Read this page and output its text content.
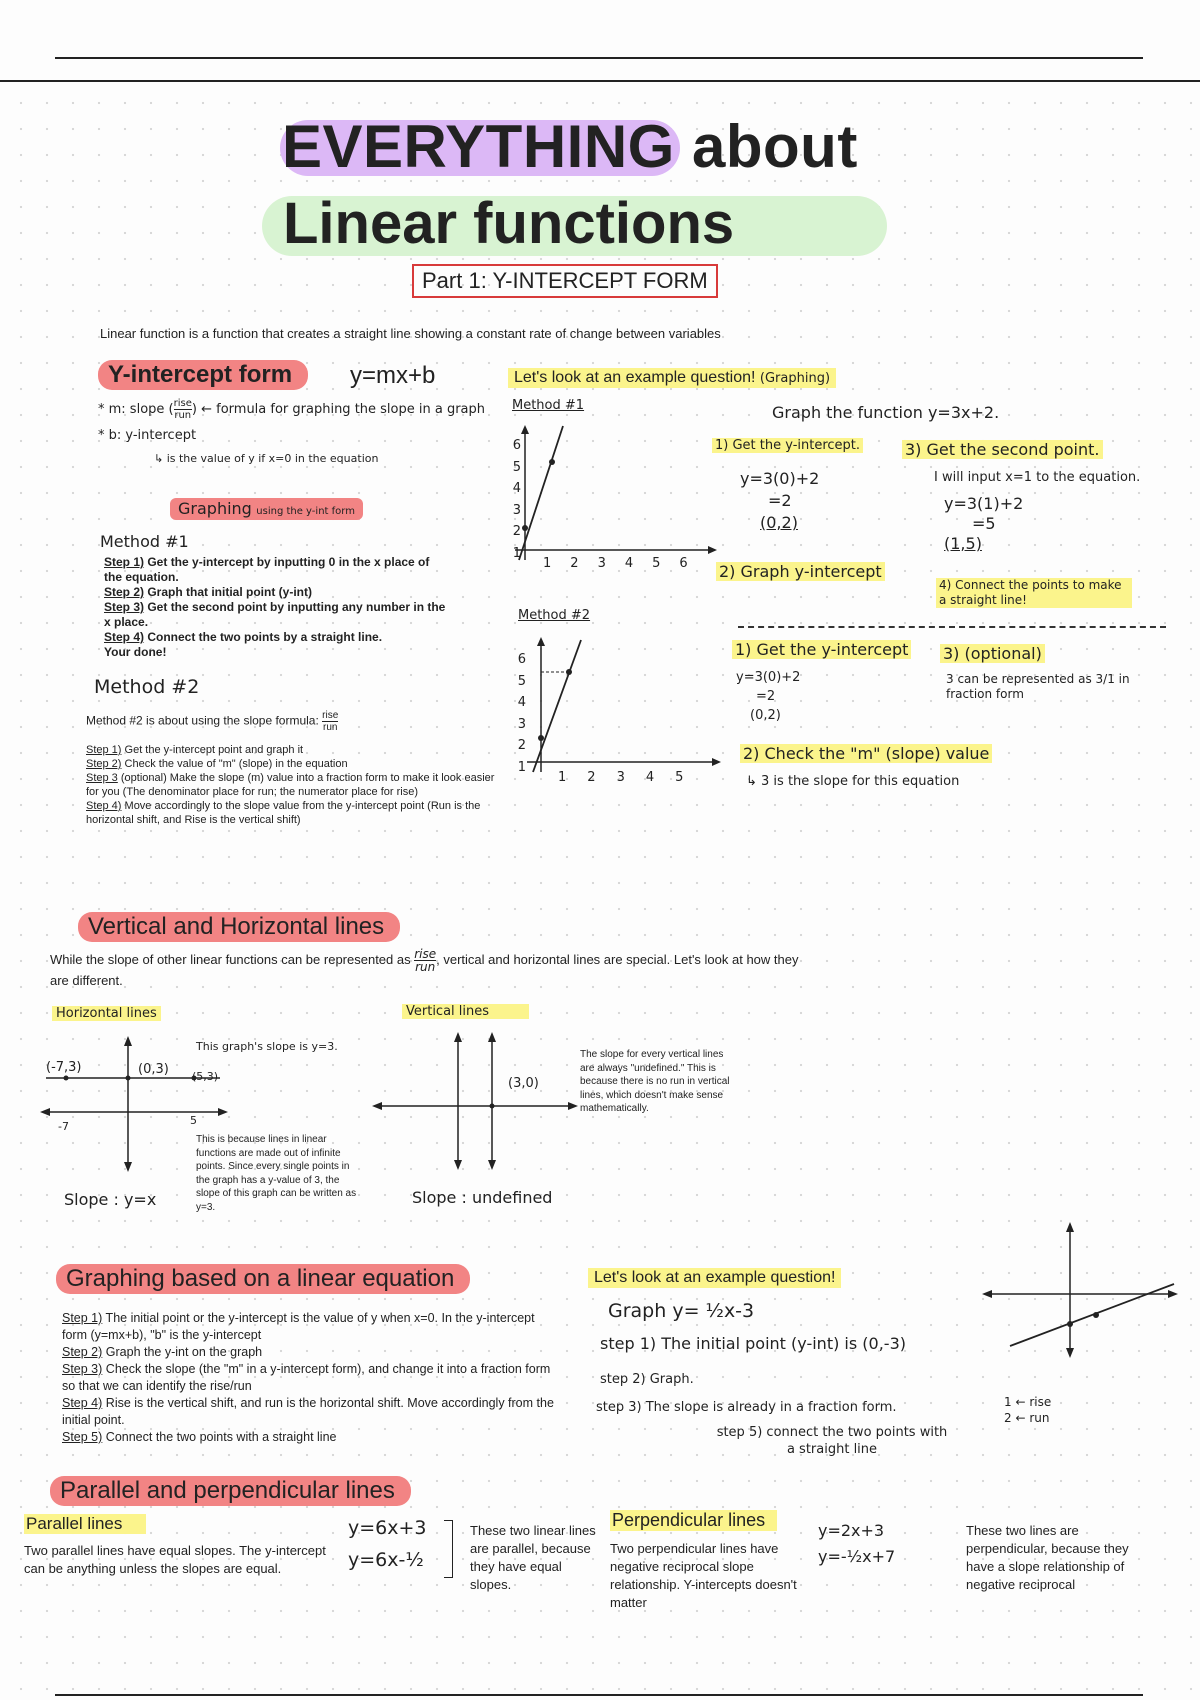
EVERYTHING about
Linear functions
Part 1: Y-INTERCEPT FORM
Linear function is a function that creates a straight line showing a constant rate of change between variables
Y-intercept form	y=mx+b
* m: slope ( rise
run) ← formula for graphing the slope in a graph
* b: y-intercept
↳ is the value of y if x=0 in the equation
Graphing using the y-int form
Method #1
Step 1) Get the y-intercept by inputting 0 in the x place of the equation.
Step 2) Graph that initial point (y-int)
Step 3) Get the second point by inputting any number in the x place.
Step 4) Connect the two points by a straight line.
Your done!
Method #2
Method #2 is about using the slope formula: rise
run
Step 1) Get the y-intercept point and graph it
Step 2) Check the value of "m" (slope) in the equation
Step 3 (optional) Make the slope (m) value into a fraction form to make it look easier for you (The denominator place for run; the numerator place for rise)
Step 4) Move accordingly to the slope value from the y-intercept point (Run is the horizontal shift, and Rise is the vertical shift)
Let's look at an example question! (Graphing)
Method #1	Graph the function y=3x+2.
6
5
4
3
2
1
1 2 3 4 5 6
1) Get the y-intercept.
y=3(0)+2
=2
(0,2)
2) Graph y-intercept
3) Get the second point.
I will input x=1 to the equation.
y=3(1)+2
=5
(1,5)
4) Connect the points to make a straight line!
Method #2
6
5
4
3
2
1
1 2 3 4 5
1) Get the y-intercept
y=3(0)+2
=2
(0,2)
2) Check the "m" (slope) value
↳ 3 is the slope for this equation
3) (optional)
3 can be represented as 3/1 in fraction form
Vertical and Horizontal lines
While the slope of other linear functions can be represented as rise
run, vertical and horizontal lines are special. Let's look at how they are different.
Horizontal lines
(-7,3)	(0,3) (5,3)
-7	5
This graph's slope is y=3.
This is because lines in linear functions are made out of infinite points. Since every single points in the graph has a y-value of 3, the slope of this graph can be written as y=3.
Slope : y=x
Vertical lines
(3,0)
The slope for every vertical lines are always "undefined." This is because there is no run in vertical lines, which doesn't make sense mathematically.
Slope : undefined
Graphing based on a linear equation
Step 1) The initial point or the y-intercept is the value of y when x=0. In the y-intercept form (y=mx+b), "b" is the y-intercept
Step 2) Graph the y-int on the graph
Step 3) Check the slope (the "m" in a y-intercept form), and change it into a fraction form so that we can identify the rise/run
Step 4) Rise is the vertical shift, and run is the horizontal shift. Move accordingly from the initial point.
Step 5) Connect the two points with a straight line
Let's look at an example question!
Graph y= ½x-3
step 1) The initial point (y-int) is (0,-3)
step 2) Graph.
step 3) The slope is already in a fraction form.	1 ← rise
2 ← run
step 5) connect the two points with a straight line
Parallel and perpendicular lines
Parallel lines
Two parallel lines have equal slopes. The y-intercept can be anything unless the slopes are equal.
y=6x+3
y=6x-½
These two linear lines are parallel, because they have equal slopes.
Perpendicular lines
Two perpendicular lines have negative reciprocal slope relationship. Y-intercepts doesn't matter
y=2x+3
y=-½x+7
These two lines are perpendicular, because they have a slope relationship of negative reciprocal
